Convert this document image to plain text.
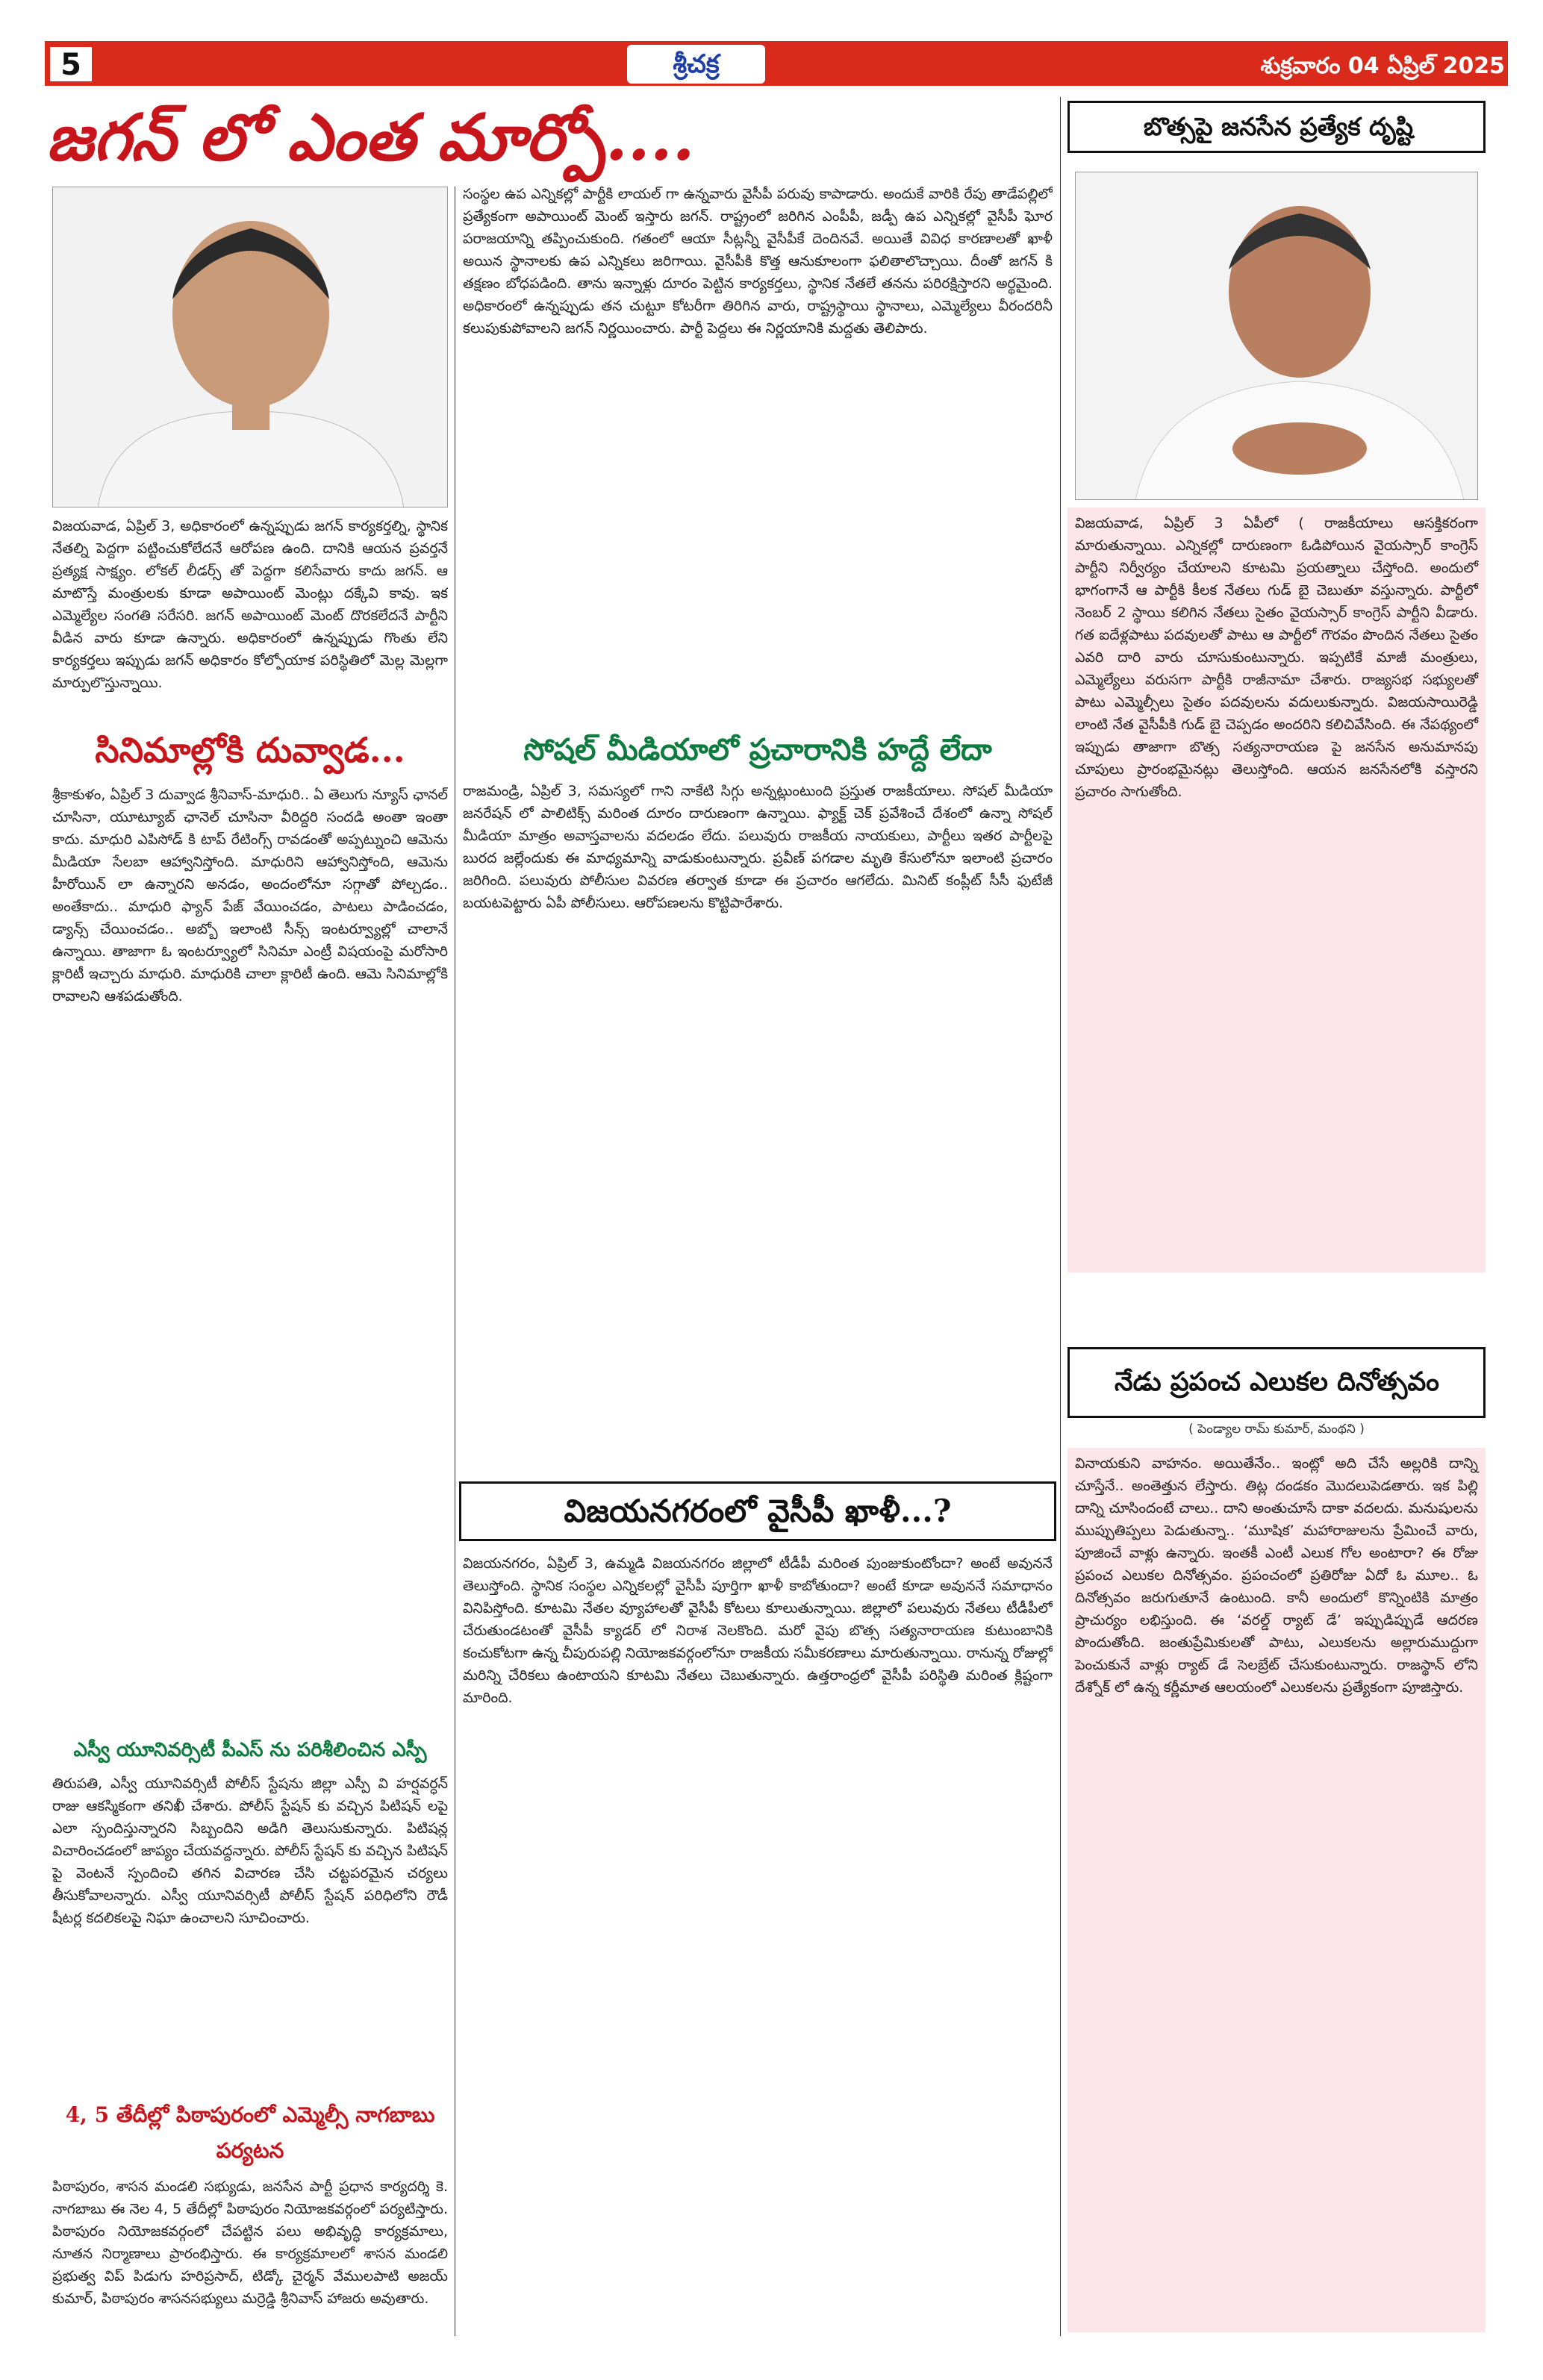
5	శ్రీచక్ర	శుక్రవారం 04 ఏప్రిల్ 2025
జగన్ లో ఎంత మార్పో....
విజయవాడ, ఏప్రిల్ 3, అధికారంలో ఉన్నప్పుడు జగన్ కార్యకర్తల్ని, స్థానిక నేతల్ని పెద్దగా పట్టించుకోలేదనే ఆరోపణ ఉంది. దానికి ఆయన ప్రవర్తనే ప్రత్యక్ష సాక్ష్యం. లోకల్ లీడర్స్ తో పెద్దగా కలిసేవారు కాదు జగన్. ఆ మాటొస్తే మంత్రులకు కూడా అపాయింట్ మెంట్లు దక్కేవి కావు. ఇక ఎమ్మెల్యేల సంగతి సరేసరి. జగన్ అపాయింట్ మెంట్ దొరకలేదనే పార్టీని వీడిన వారు కూడా ఉన్నారు. అధికారంలో ఉన్నప్పుడు గొంతు లేని కార్యకర్తలు ఇప్పుడు జగన్ అధికారం కోల్పోయాక పరిస్థితిలో మెల్ల మెల్లగా మార్పులొస్తున్నాయి.
సంస్థల ఉప ఎన్నికల్లో పార్టీకి లాయల్ గా ఉన్నవారు వైసీపీ పరువు కాపాడారు. అందుకే వారికి రేపు తాడేపల్లిలో ప్రత్యేకంగా అపాయింట్ మెంట్ ఇస్తారు జగన్. రాష్ట్రంలో జరిగిన ఎంపీపీ, జడ్పీ ఉప ఎన్నికల్లో వైసీపీ ఘోర పరాజయాన్ని తప్పించుకుంది. గతంలో ఆయా సీట్లన్నీ వైసీపీకే దెందినవే. అయితే వివిధ కారణాలతో ఖాళీ అయిన స్థానాలకు ఉప ఎన్నికలు జరిగాయి. వైసీపీకి కొత్త ఆనుకూలంగా ఫలితాలొచ్చాయి. దీంతో జగన్ కి తక్షణం బోధపడింది. తాను ఇన్నాళ్లు దూరం పెట్టిన కార్యకర్తలు, స్థానిక నేతలే తనను పరిరక్షిస్తారని అర్థమైంది. అధికారంలో ఉన్నప్పుడు తన చుట్టూ కోటరీగా తిరిగిన వారు, రాష్ట్రస్థాయి స్థానాలు, ఎమ్మెల్యేలు వీరందరినీ కలుపుకుపోవాలని జగన్ నిర్ణయించారు. పార్టీ పెద్దలు ఈ నిర్ణయానికి మద్దతు తెలిపారు.
బొత్సపై జనసేన ప్రత్యేక దృష్టి
విజయవాడ, ఏప్రిల్ 3 ఏపీలో ( రాజకీయాలు ఆసక్తికరంగా మారుతున్నాయి. ఎన్నికల్లో దారుణంగా ఓడిపోయిన వైయస్సార్ కాంగ్రెస్ పార్టీని నిర్వీర్యం చేయాలని కూటమి ప్రయత్నాలు చేస్తోంది. అందులో భాగంగానే ఆ పార్టీకి కీలక నేతలు గుడ్ బై చెబుతూ వస్తున్నారు. పార్టీలో నెంబర్ 2 స్థాయి కలిగిన నేతలు సైతం వైయస్సార్ కాంగ్రెస్ పార్టీని వీడారు. గత ఐదేళ్లపాటు పదవులతో పాటు ఆ పార్టీలో గౌరవం పొందిన నేతలు సైతం ఎవరి దారి వారు చూసుకుంటున్నారు. ఇప్పటికే మాజీ మంత్రులు, ఎమ్మెల్యేలు వరుసగా పార్టీకి రాజీనామా చేశారు. రాజ్యసభ సభ్యులతో పాటు ఎమ్మెల్సీలు సైతం పదవులను వదులుకున్నారు. విజయసాయిరెడ్డి లాంటి నేత వైసీపీకి గుడ్ బై చెప్పడం అందరిని కలిచివేసింది. ఈ నేపథ్యంలో ఇప్పుడు తాజాగా బొత్స సత్యనారాయణ పై జనసేన అనుమానపు చూపులు ప్రారంభమైనట్లు తెలుస్తోంది. ఆయన జనసేనలోకి వస్తారని ప్రచారం సాగుతోంది.
సినిమాల్లోకి దువ్వాడ...
శ్రీకాకుళం, ఏప్రిల్ 3 దువ్వాడ శ్రీనివాస్-మాధురి.. ఏ తెలుగు న్యూస్ ఛానల్ చూసినా, యూట్యూబ్ ఛానెల్ చూసినా వీరిద్దరి సందడి అంతా ఇంతా కాదు. మాధురి ఎపిసోడ్ కి టాప్ రేటింగ్స్ రావడంతో అప్పట్నుంచి ఆమెను మీడియా సేలబా ఆహ్వానిస్తోంది. మాధురిని ఆహ్వానిస్తోంది, ఆమెను హీరోయిన్ లా ఉన్నారని అనడం, అందంలోనూ సగ్గాతో పోల్చడం.. అంతేకాదు.. మాధురి ఫ్యాన్ పేజ్ వేయించడం, పాటలు పాడించడం, డ్యాన్స్ చేయించడం.. అబ్బో ఇలాంటి సీన్స్ ఇంటర్వ్యూల్లో చాలానే ఉన్నాయి. తాజాగా ఓ ఇంటర్వ్యూలో సినిమా ఎంట్రీ విషయంపై మరోసారి క్లారిటీ ఇచ్చారు మాధురి. మాధురికి చాలా క్లారిటీ ఉంది. ఆమె సినిమాల్లోకి రావాలని ఆశపడుతోంది.
సోషల్ మీడియాలో ప్రచారానికి హద్దే లేదా
రాజమండ్రి, ఏప్రిల్ 3, సమస్యలో గాని నాకేటి సిగ్గు అన్నట్లుంటుంది ప్రస్తుత రాజకీయాలు. సోషల్ మీడియా జనరేషన్ లో పాలిటిక్స్ మరింత దూరం దారుణంగా ఉన్నాయి. ఫ్యాక్ట్ చెక్ ప్రవేశించే దేశంలో ఉన్నా సోషల్ మీడియా మాత్రం అవాస్తవాలను వదలడం లేదు. పలువురు రాజకీయ నాయకులు, పార్టీలు ఇతర పార్టీలపై బురద జల్లేందుకు ఈ మాధ్యమాన్ని వాడుకుంటున్నారు. ప్రవీణ్ పగడాల మృతి కేసులోనూ ఇలాంటి ప్రచారం జరిగింది. పలువురు పోలీసుల వివరణ తర్వాత కూడా ఈ ప్రచారం ఆగలేదు. మినిట్ కంప్లీట్ సీసీ ఫుటేజీ బయటపెట్టారు ఏపీ పోలీసులు. ఆరోపణలను కొట్టిపారేశారు.
విజయనగరంలో వైసీపీ ఖాళీ...?
విజయనగరం, ఏప్రిల్ 3, ఉమ్మడి విజయనగరం జిల్లాలో టీడీపీ మరింత పుంజుకుంటోందా? అంటే అవుననే తెలుస్తోంది. స్థానిక సంస్థల ఎన్నికలల్లో వైసీపీ పూర్తిగా ఖాళీ కాబోతుందా? అంటే కూడా అవుననే సమాధానం వినిపిస్తోంది. కూటమి నేతల వ్యూహాలతో వైసీపీ కోటలు కూలుతున్నాయి. జిల్లాలో పలువురు నేతలు టీడీపీలో చేరుతుండటంతో వైసీపీ క్యాడర్ లో నిరాశ నెలకొంది. మరో వైపు బొత్స సత్యనారాయణ కుటుంబానికి కంచుకోటగా ఉన్న చీపురుపల్లి నియోజకవర్గంలోనూ రాజకీయ సమీకరణాలు మారుతున్నాయి. రానున్న రోజుల్లో మరిన్ని చేరికలు ఉంటాయని కూటమి నేతలు చెబుతున్నారు. ఉత్తరాంధ్రలో వైసీపీ పరిస్థితి మరింత క్లిష్టంగా మారింది.
నేడు ప్రపంచ ఎలుకల దినోత్సవం
( పెండ్యాల రామ్ కుమార్, మంథని )
వినాయకుని వాహనం. అయితేనేం.. ఇంట్లో అది చేసే అల్లరికి దాన్ని చూస్తేనే.. అంతెత్తున లేస్తారు. తిట్ల దండకం మొదలుపెడతారు. ఇక పిల్లి దాన్ని చూసిందంటే చాలు.. దాని అంతుచూసే దాకా వదలదు. మనుషులను ముప్పుతిప్పలు పెడుతున్నా.. ‘మూషిక’ మహారాజులను ప్రేమించే వారు, పూజించే వాళ్లు ఉన్నారు. ఇంతకీ ఎంటీ ఎలుక గోల అంటారా? ఈ రోజు ప్రపంచ ఎలుకల దినోత్సవం. ప్రపంచంలో ప్రతిరోజు ఏదో ఓ మూల.. ఓ దినోత్సవం జరుగుతూనే ఉంటుంది. కానీ అందులో కొన్నింటికి మాత్రం ప్రాచుర్యం లభిస్తుంది. ఈ ‘వరల్డ్ ర్యాట్ డే’ ఇప్పుడిప్పుడే ఆదరణ పొందుతోంది. జంతుప్రేమికులతో పాటు, ఎలుకలను అల్లారుముద్దుగా పెంచుకునే వాళ్లు ర్యాట్ డే సెలబ్రేట్ చేసుకుంటున్నారు. రాజస్థాన్ లోని దేశ్నోక్ లో ఉన్న కర్ణీమాత ఆలయంలో ఎలుకలను ప్రత్యేకంగా పూజిస్తారు.
ఎస్వీ యూనివర్సిటీ పీఎస్ ను పరిశీలించిన ఎస్పీ
తిరుపతి, ఎస్వీ యూనివర్సిటీ పోలీస్ స్టేషను జిల్లా ఎస్పీ వి హర్షవర్ధన్ రాజు ఆకస్మికంగా తనిఖీ చేశారు. పోలీస్ స్టేషన్ కు వచ్చిన పిటిషన్ లపై ఎలా స్పందిస్తున్నారని సిబ్బందిని అడిగి తెలుసుకున్నారు. పిటిషన్ల విచారించడంలో జాప్యం చేయవద్దన్నారు. పోలీస్ స్టేషన్ కు వచ్చిన పిటిషన్ పై వెంటనే స్పందించి తగిన విచారణ చేసి చట్టపరమైన చర్యలు తీసుకోవాలన్నారు. ఎస్వీ యూనివర్సిటీ పోలీస్ స్టేషన్ పరిధిలోని రౌడీ షీటర్ల కదలికలపై నిఘా ఉంచాలని సూచించారు.
4, 5 తేదీల్లో పిఠాపురంలో ఎమ్మెల్సీ నాగబాబు పర్యటన
పిఠాపురం, శాసన మండలి సభ్యుడు, జనసేన పార్టీ ప్రధాన కార్యదర్శి కె. నాగబాబు ఈ నెల 4, 5 తేదీల్లో పిఠాపురం నియోజకవర్గంలో పర్యటిస్తారు. పిఠాపురం నియోజకవర్గంలో చేపట్టిన పలు అభివృద్ధి కార్యక్రమాలు, నూతన నిర్మాణాలు ప్రారంభిస్తారు. ఈ కార్యక్రమాలలో శాసన మండలి ప్రభుత్వ విప్ పిడుగు హరిప్రసాద్, టిడ్కో చైర్మన్ వేములపాటి అజయ్ కుమార్, పిఠాపురం శాసనసభ్యులు మర్రెడ్డి శ్రీనివాస్ హాజరు అవుతారు.
